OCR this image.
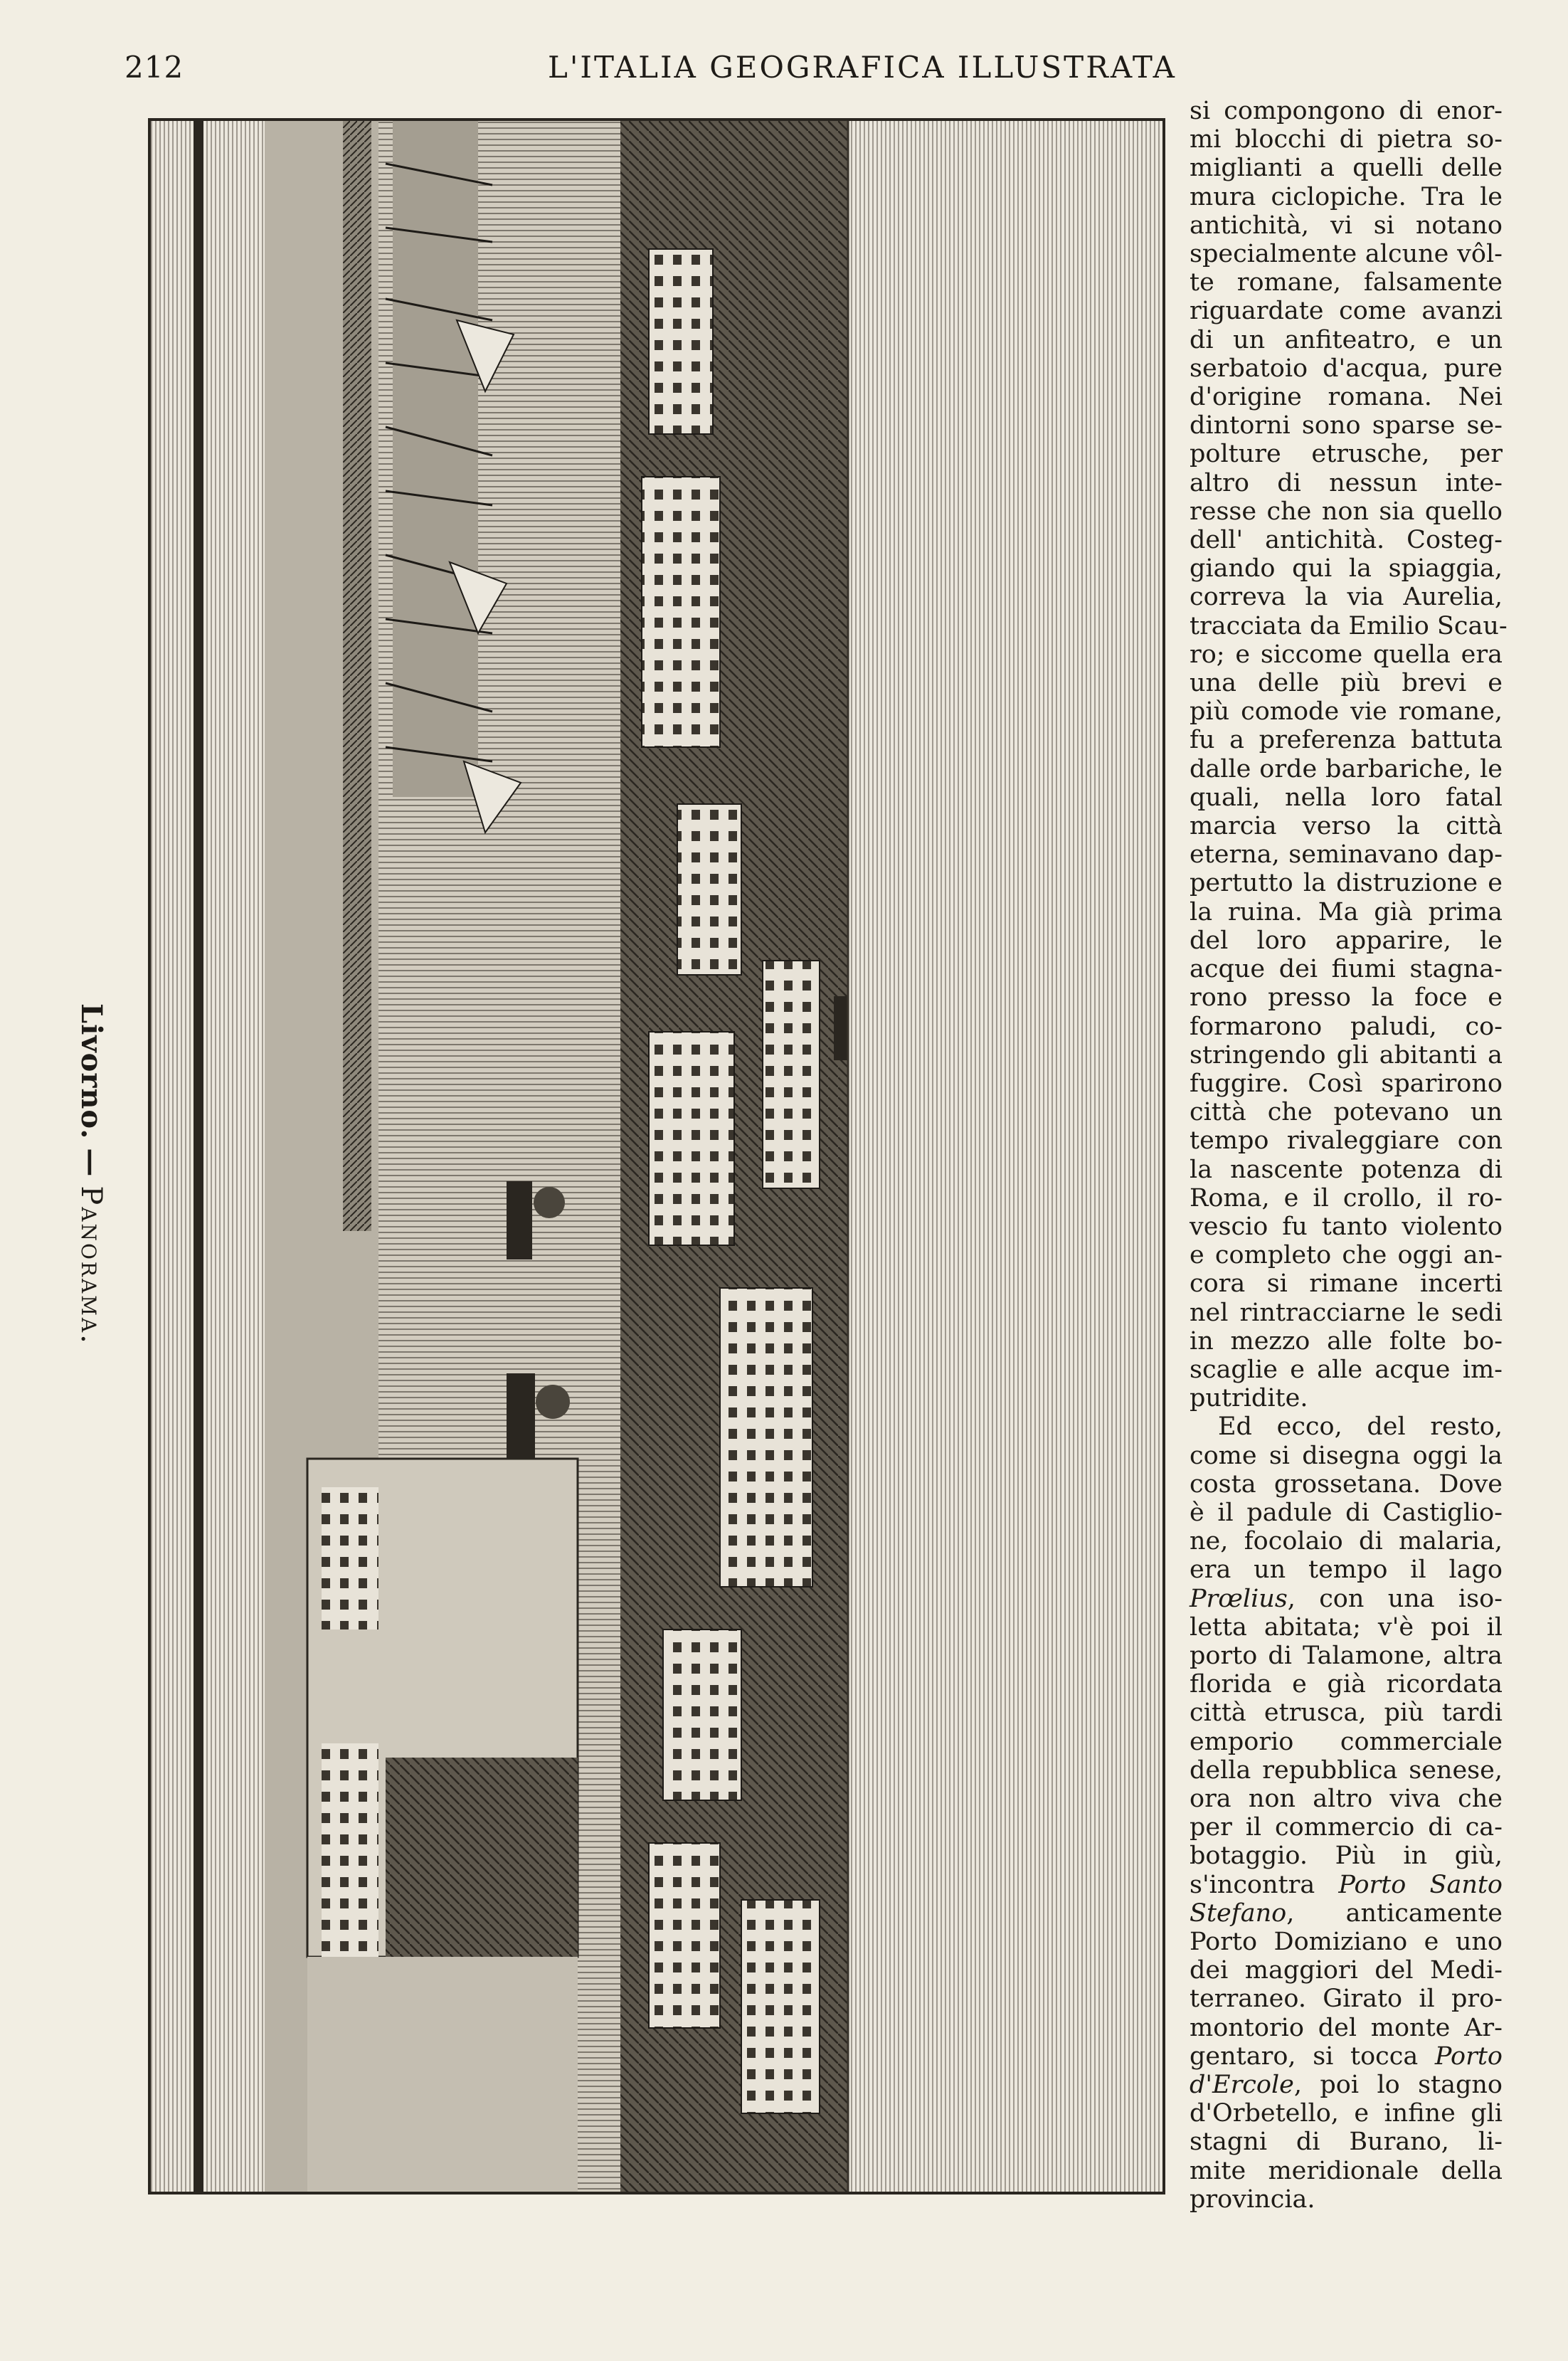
212	L'ITALIA GEOGRAFICA ILLUSTRATA
Livorno.—Panorama.
si compongono di enor-
mi blocchi di pietra so-
miglianti a quelli delle
mura ciclopiche. Tra le
antichità, vi si notano
specialmente alcune vôl-
te romane, falsamente
riguardate come avanzi
di un anfiteatro, e un
serbatoio d'acqua, pure
d'origine romana. Nei
dintorni sono sparse se-
polture etrusche, per
altro di nessun inte-
resse che non sia quello
dell' antichità. Costeg-
giando qui la spiaggia,
correva la via Aurelia,
tracciata da Emilio Scau-
ro; e siccome quella era
una delle più brevi e
più comode vie romane,
fu a preferenza battuta
dalle orde barbariche, le
quali, nella loro fatal
marcia verso la città
eterna, seminavano dap-
pertutto la distruzione e
la ruina. Ma già prima
del loro apparire, le
acque dei fiumi stagna-
rono presso la foce e
formarono paludi, co-
stringendo gli abitanti a
fuggire. Così sparirono
città che potevano un
tempo rivaleggiare con
la nascente potenza di
Roma, e il crollo, il ro-
vescio fu tanto violento
e completo che oggi an-
cora si rimane incerti
nel rintracciarne le sedi
in mezzo alle folte bo-
scaglie e alle acque im-
putridite.
Ed ecco, del resto,
come si disegna oggi la
costa grossetana. Dove
è il padule di Castiglio-
ne, focolaio di malaria,
era un tempo il lago
Prœlius, con una iso-
letta abitata; v'è poi il
porto di Talamone, altra
florida e già ricordata
città etrusca, più tardi
emporio commerciale
della repubblica senese,
ora non altro viva che
per il commercio di ca-
botaggio. Più in giù,
s'incontra Porto Santo
Stefano, anticamente
Porto Domiziano e uno
dei maggiori del Medi-
terraneo. Girato il pro-
montorio del monte Ar-
gentaro, si tocca Porto
d'Ercole, poi lo stagno
d'Orbetello, e infine gli
stagni di Burano, li-
mite meridionale della
provincia.
